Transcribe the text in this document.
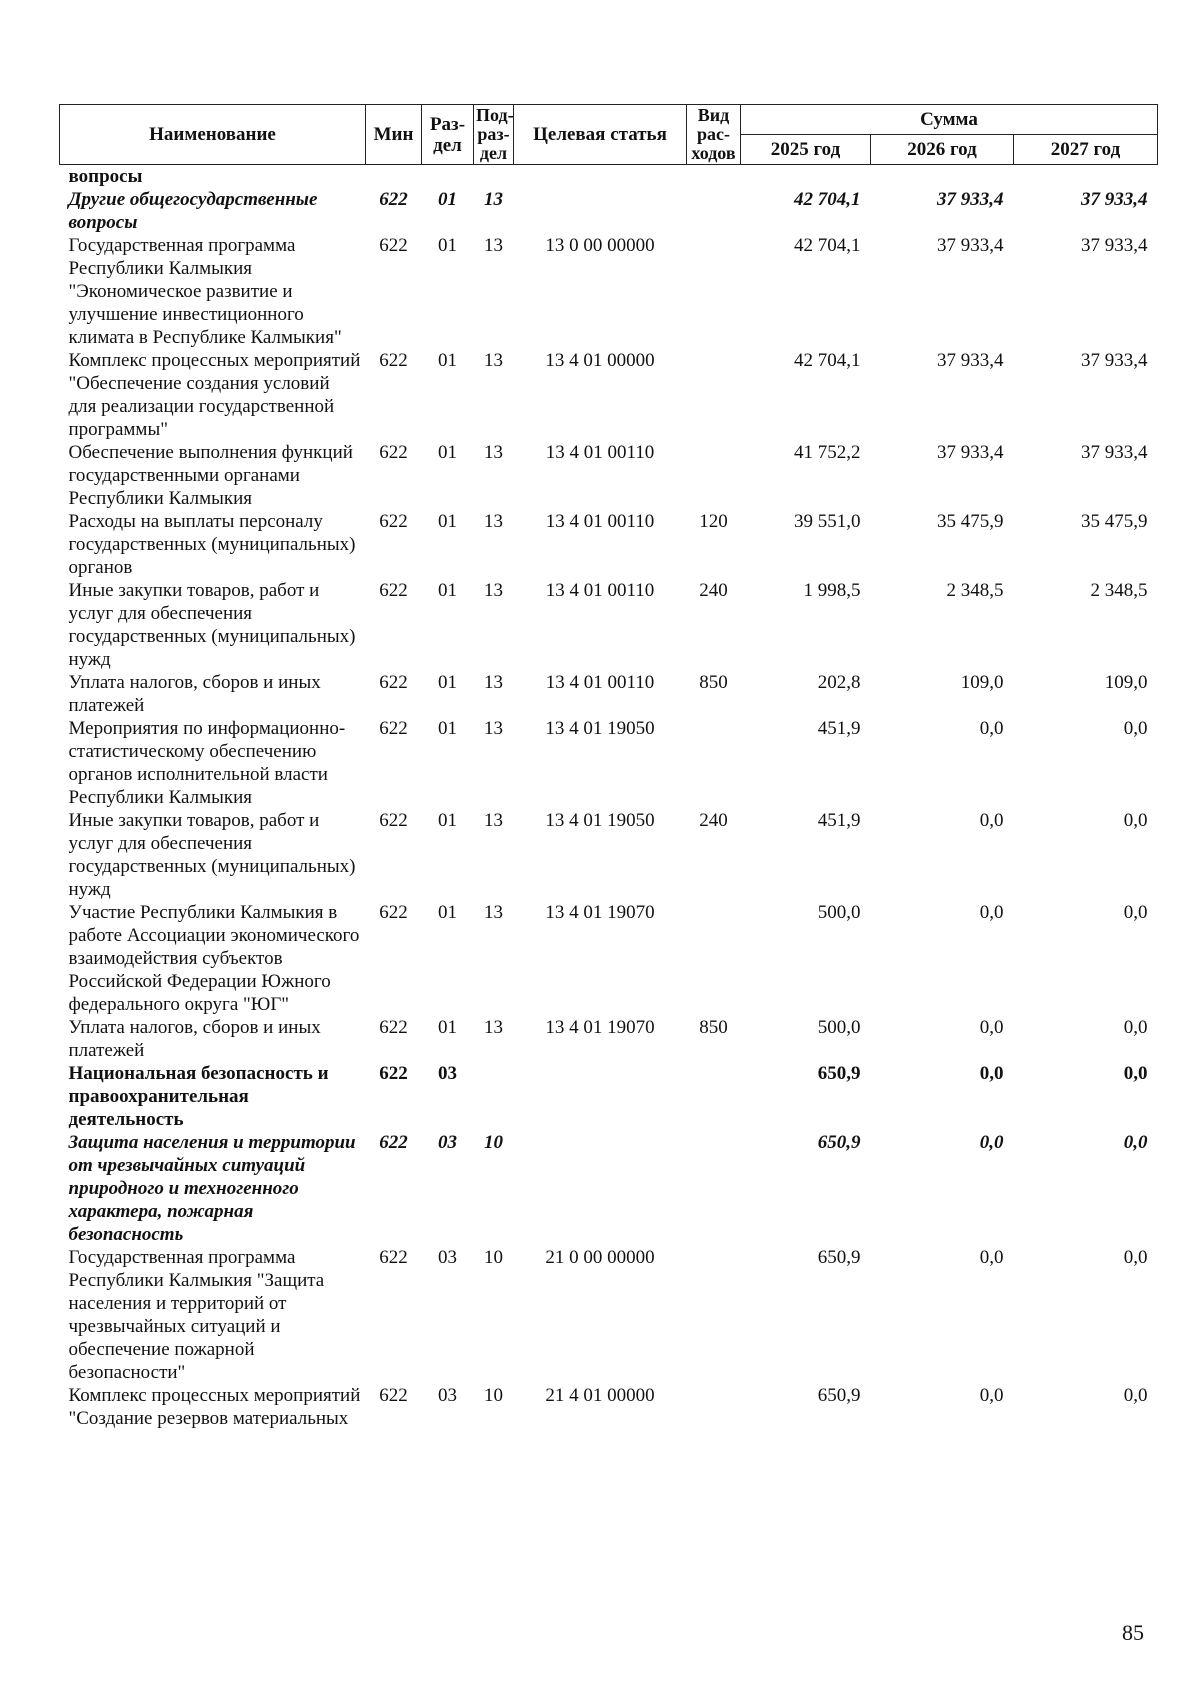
Наименование	Мин	Раз-дел	Под-раз-дел	Целевая статья	Вид рас-ходов	Сумма		
						2025 год	2026 год	2027 год
вопросы								
Другие общегосударственные вопросы	622	01	13			42 704,1	37 933,4	37 933,4
Государственная программа Республики Калмыкия "Экономическое развитие и улучшение инвестиционного климата в Республике Калмыкия"	622	01	13	13 0 00 00000		42 704,1	37 933,4	37 933,4
Комплекс процессных мероприятий "Обеспечение создания условий для реализации государственной программы"	622	01	13	13 4 01 00000		42 704,1	37 933,4	37 933,4
Обеспечение выполнения функций государственными органами Республики Калмыкия	622	01	13	13 4 01 00110		41 752,2	37 933,4	37 933,4
Расходы на выплаты персоналу государственных (муниципальных) органов	622	01	13	13 4 01 00110	120	39 551,0	35 475,9	35 475,9
Иные закупки товаров, работ и услуг для обеспечения государственных (муниципальных) нужд	622	01	13	13 4 01 00110	240	1 998,5	2 348,5	2 348,5
Уплата налогов, сборов и иных платежей	622	01	13	13 4 01 00110	850	202,8	109,0	109,0
Мероприятия по информационно-статистическому обеспечению органов исполнительной власти Республики Калмыкия	622	01	13	13 4 01 19050		451,9	0,0	0,0
Иные закупки товаров, работ и услуг для обеспечения государственных (муниципальных) нужд	622	01	13	13 4 01 19050	240	451,9	0,0	0,0
Участие Республики Калмыкия в работе Ассоциации экономического взаимодействия субъектов Российской Федерации Южного федерального округа "ЮГ"	622	01	13	13 4 01 19070		500,0	0,0	0,0
Уплата налогов, сборов и иных платежей	622	01	13	13 4 01 19070	850	500,0	0,0	0,0
Национальная безопасность и правоохранительная деятельность	622	03				650,9	0,0	0,0
Защита населения и территории от чрезвычайных ситуаций природного и техногенного характера, пожарная безопасность	622	03	10			650,9	0,0	0,0
Государственная программа Республики Калмыкия "Защита населения и территорий от чрезвычайных ситуаций и обеспечение пожарной безопасности"	622	03	10	21 0 00 00000		650,9	0,0	0,0
Комплекс процессных мероприятий "Создание резервов материальных	622	03	10	21 4 01 00000		650,9	0,0	0,0
85
